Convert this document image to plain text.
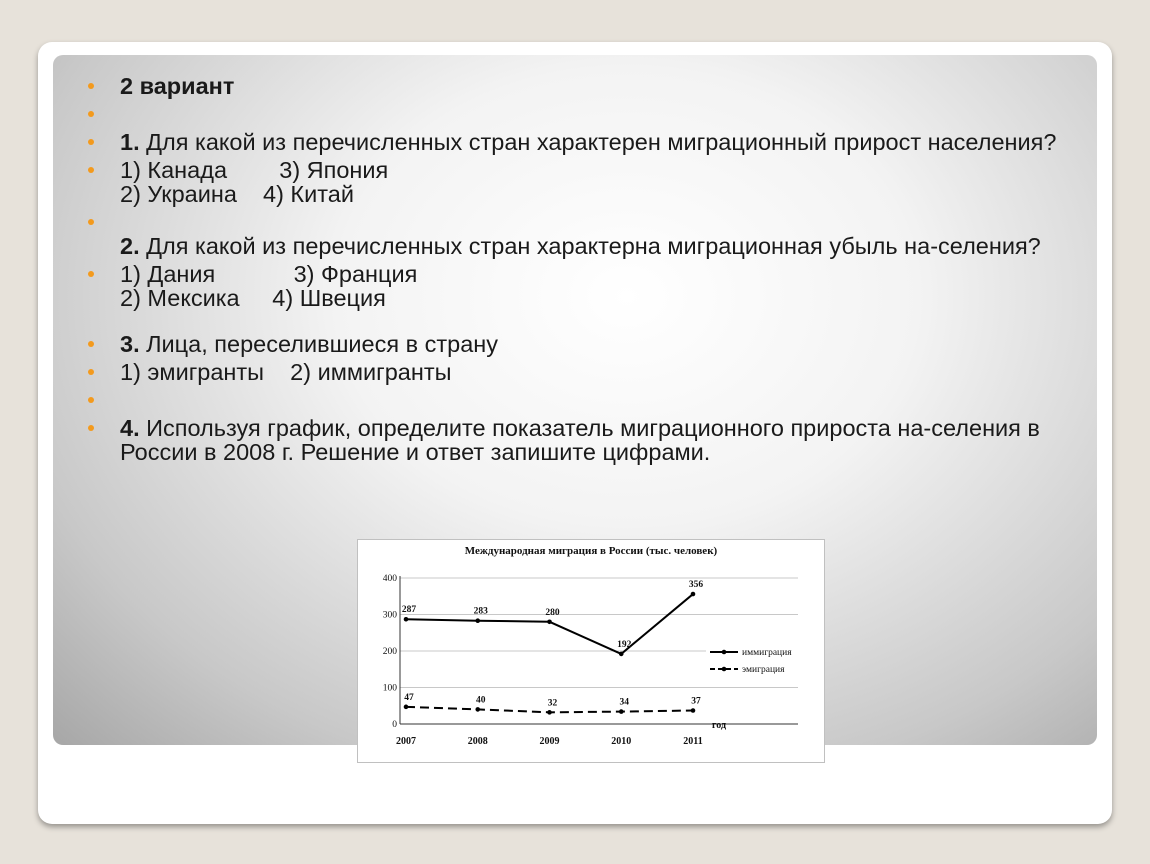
2 вариант
1. Для какой из перечисленных стран характерен миграционный прирост населения?
1) Канада        3) Япония
2) Украина    4) Китай
2. Для какой из перечисленных стран характерна миграционная убыль на-селения?
1) Дания            3) Франция
2) Мексика     4) Швеция
3. Лица, переселившиеся в страну
1) эмигранты    2) иммигранты
4. Используя график, определите показатель миграционного прироста на-селения в России в 2008 г. Решение и ответ запишите цифрами.
Международная миграция в России (тыс. человек)
0
100
200
300
400
2007	2008	2009	2010	2011
год
287	283	280
192
356
47	40	32	34	37
иммиграция
эмиграция
